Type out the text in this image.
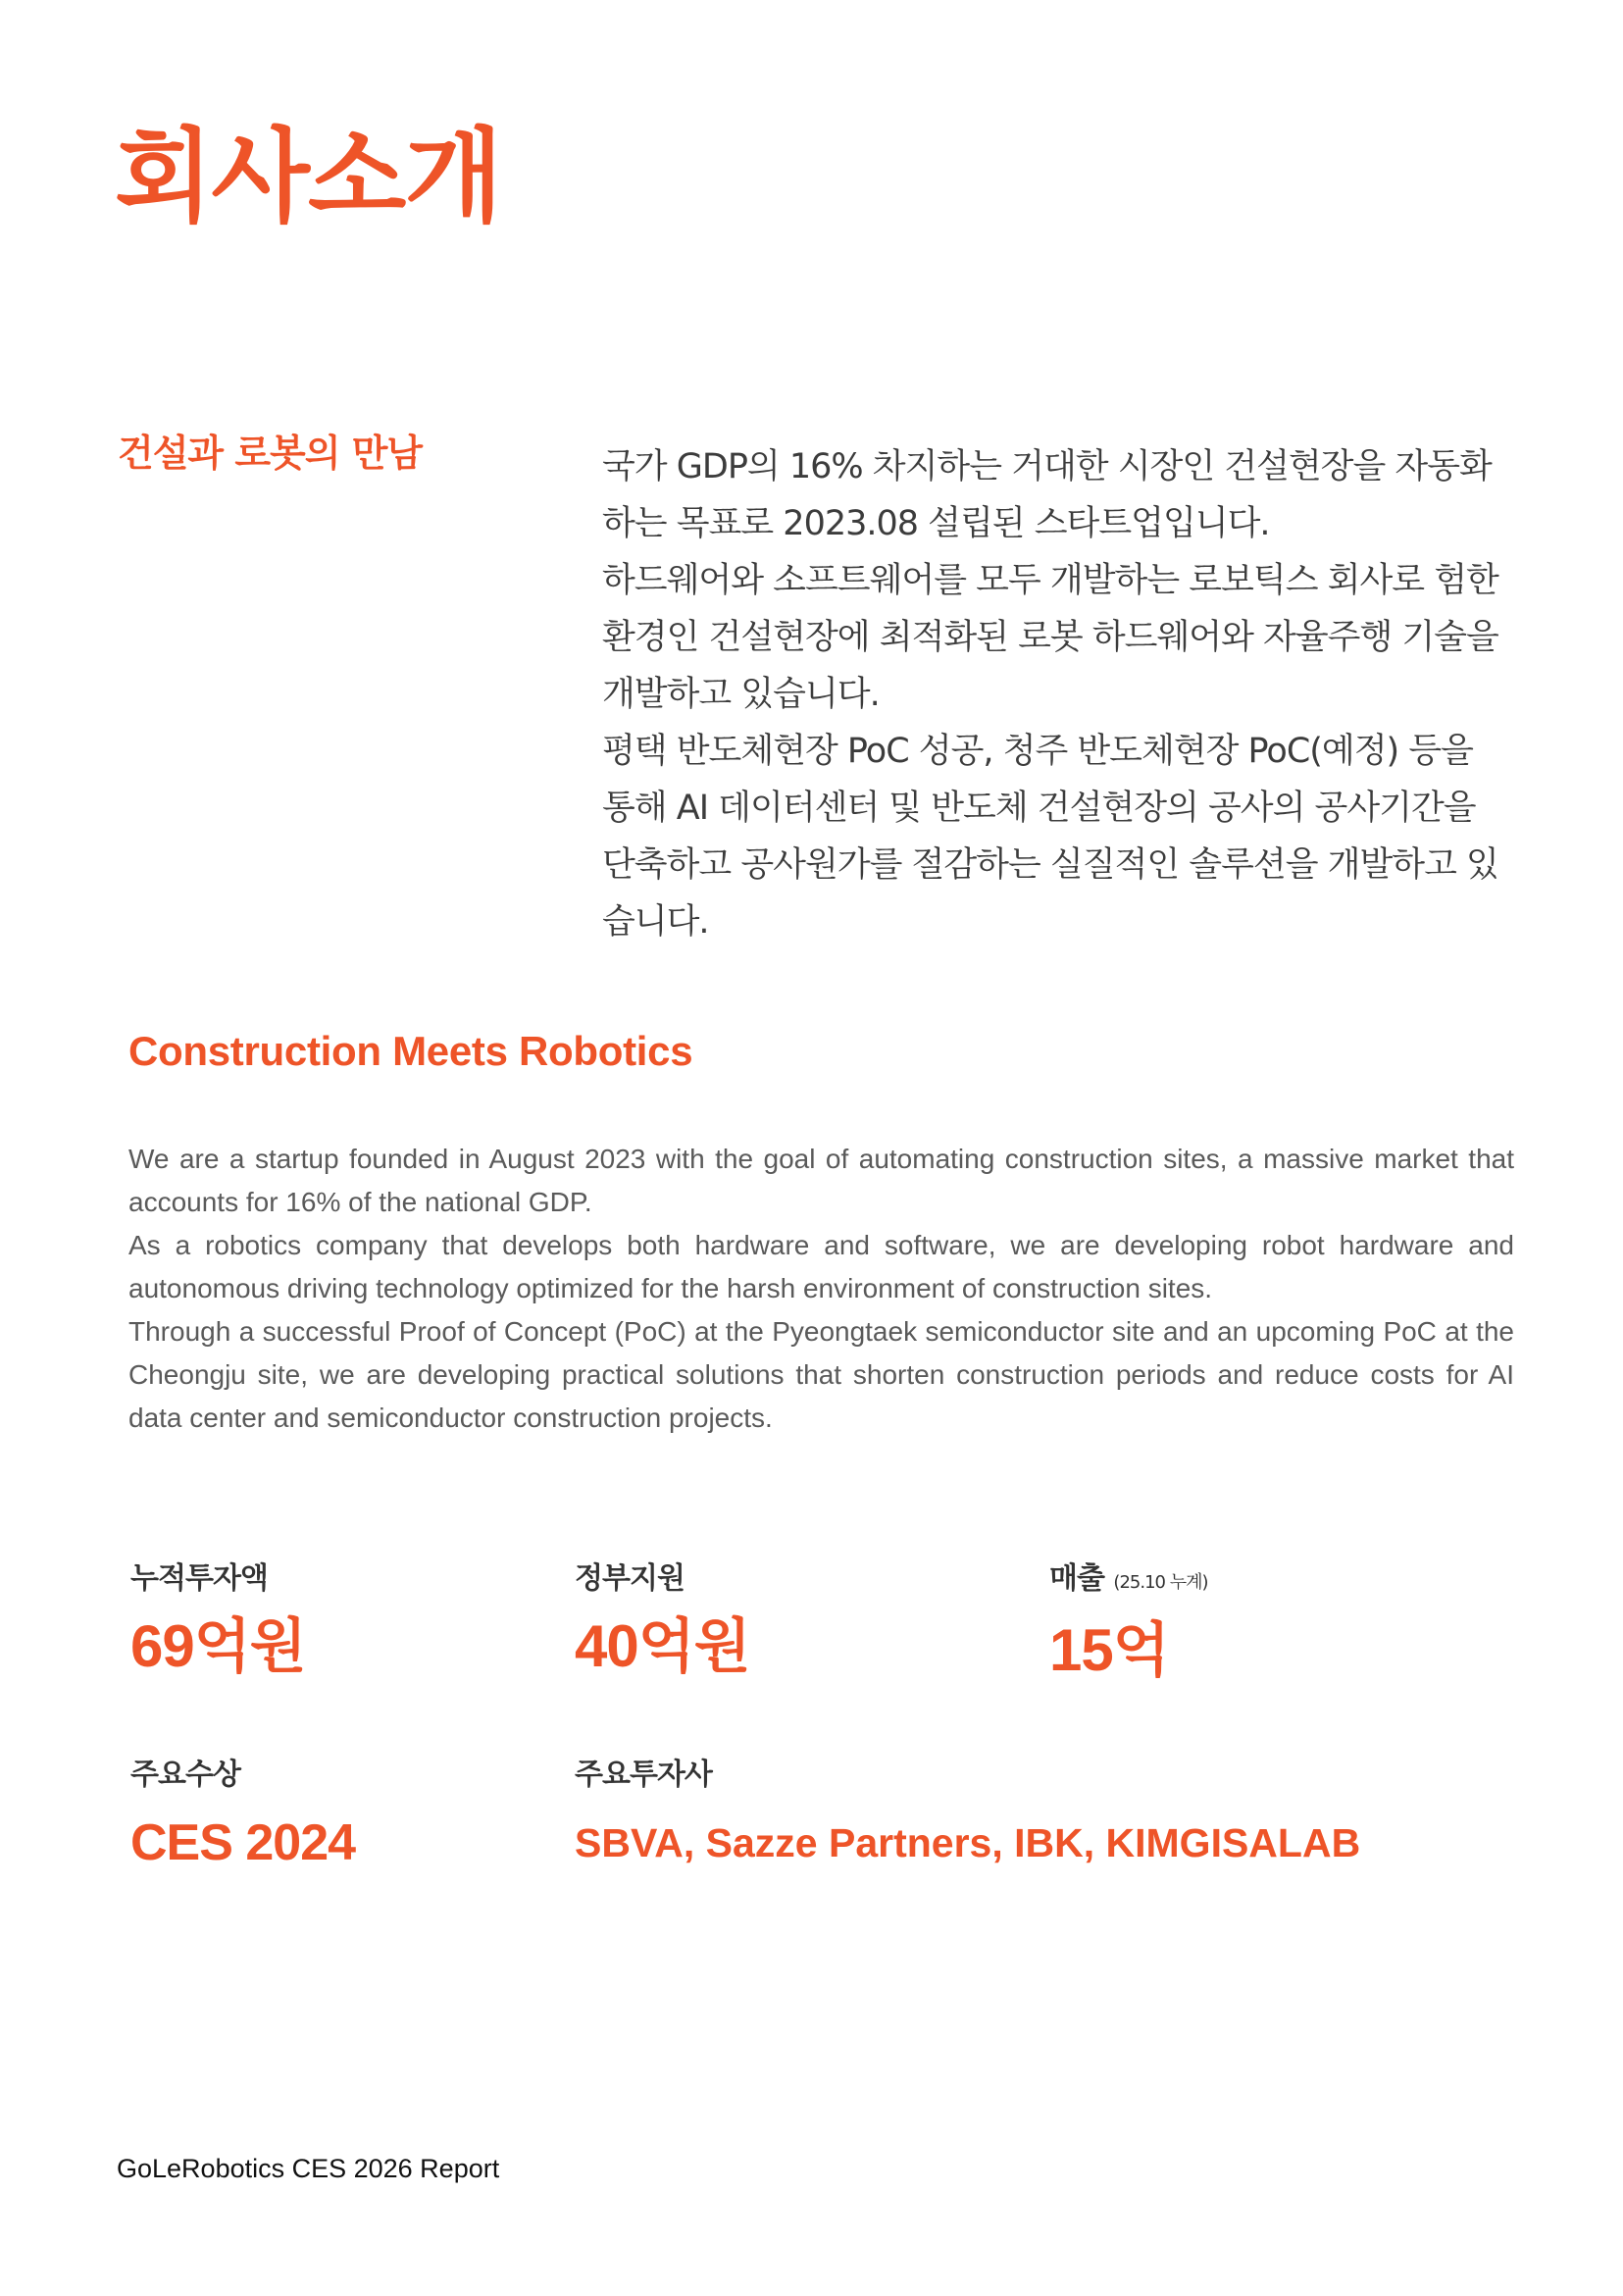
회사소개
건설과 로봇의 만남	국가 GDP의 16% 차지하는 거대한 시장인 건설현장을 자동화하는 목표로 2023.08 설립된 스타트업입니다.

하드웨어와 소프트웨어를 모두 개발하는 로보틱스 회사로 험한 환경인 건설현장에 최적화된 로봇 하드웨어와 자율주행 기술을 개발하고 있습니다.

평택 반도체현장 PoC 성공, 청주 반도체현장 PoC(예정) 등을 통해 AI 데이터센터 및 반도체 건설현장의 공사의 공사기간을 단축하고 공사원가를 절감하는 실질적인 솔루션을 개발하고 있습니다.

Construction Meets Robotics

We are a startup founded in August 2023 with the goal of automating construction sites, a massive market that accounts for 16% of the national GDP.

As a robotics company that develops both hardware and software, we are developing robot hardware and autonomous driving technology optimized for the harsh environment of construction sites.

Through a successful Proof of Concept (PoC) at the Pyeongtaek semiconductor site and an upcoming PoC at the Cheongju site, we are developing practical solutions that shorten construction periods and reduce costs for AI data center and semiconductor construction projects.

누적투자액
69억원
정부지원
40억원
매출 (25.10 누계)
15억
주요수상
CES 2024
주요투자사
SBVA, Sazze Partners, IBK, KIMGISALAB

GoLeRobotics CES 2026 Report
